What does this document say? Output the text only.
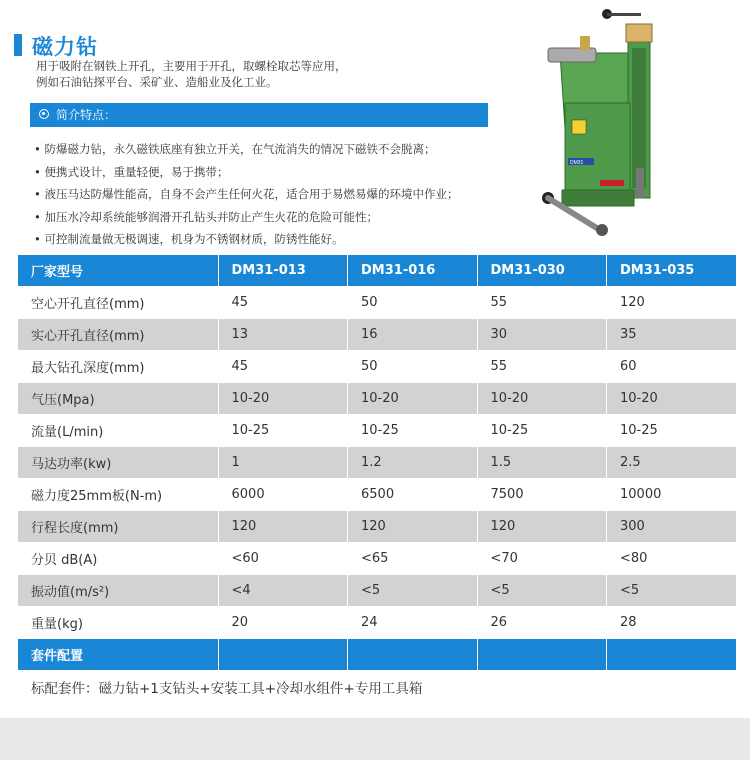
磁力钻
用于吸附在钢铁上开孔，主要用于开孔，取螺栓取芯等应用，
例如石油钻探平台、采矿业、造船业及化工业。
简介特点：
• 防爆磁力钻，永久磁铁底座有独立开关，在气流消失的情况下磁铁不会脱离；
• 便携式设计，重量轻便，易于携带；
• 液压马达防爆性能高，自身不会产生任何火花，适合用于易燃易爆的环境中作业；
• 加压水冷却系统能够润滑开孔钻头并防止产生火花的危险可能性；
• 可控制流量做无极调速，机身为不锈钢材质，防锈性能好。
DM31
厂家型号	DM31-013	DM31-016	DM31-030	DM31-035
空心开孔直径(mm)	45	50	55	120
实心开孔直径(mm)	13	16	30	35
最大钻孔深度(mm)	45	50	55	60
气压(Mpa)	10-20	10-20	10-20	10-20
流量(L/min)	10-25	10-25	10-25	10-25
马达功率(kw)	1	1.2	1.5	2.5
磁力度25mm板(N-m)	6000	6500	7500	10000
行程长度(mm)	120	120	120	300
分贝 dB(A)	<60	<65	<70	<80
振动值(m/s²)	<4	<5	<5	<5
重量(kg)	20	24	26	28
套件配置				
标配套件：磁力钻+1支钻头+安装工具+冷却水组件+专用工具箱				
